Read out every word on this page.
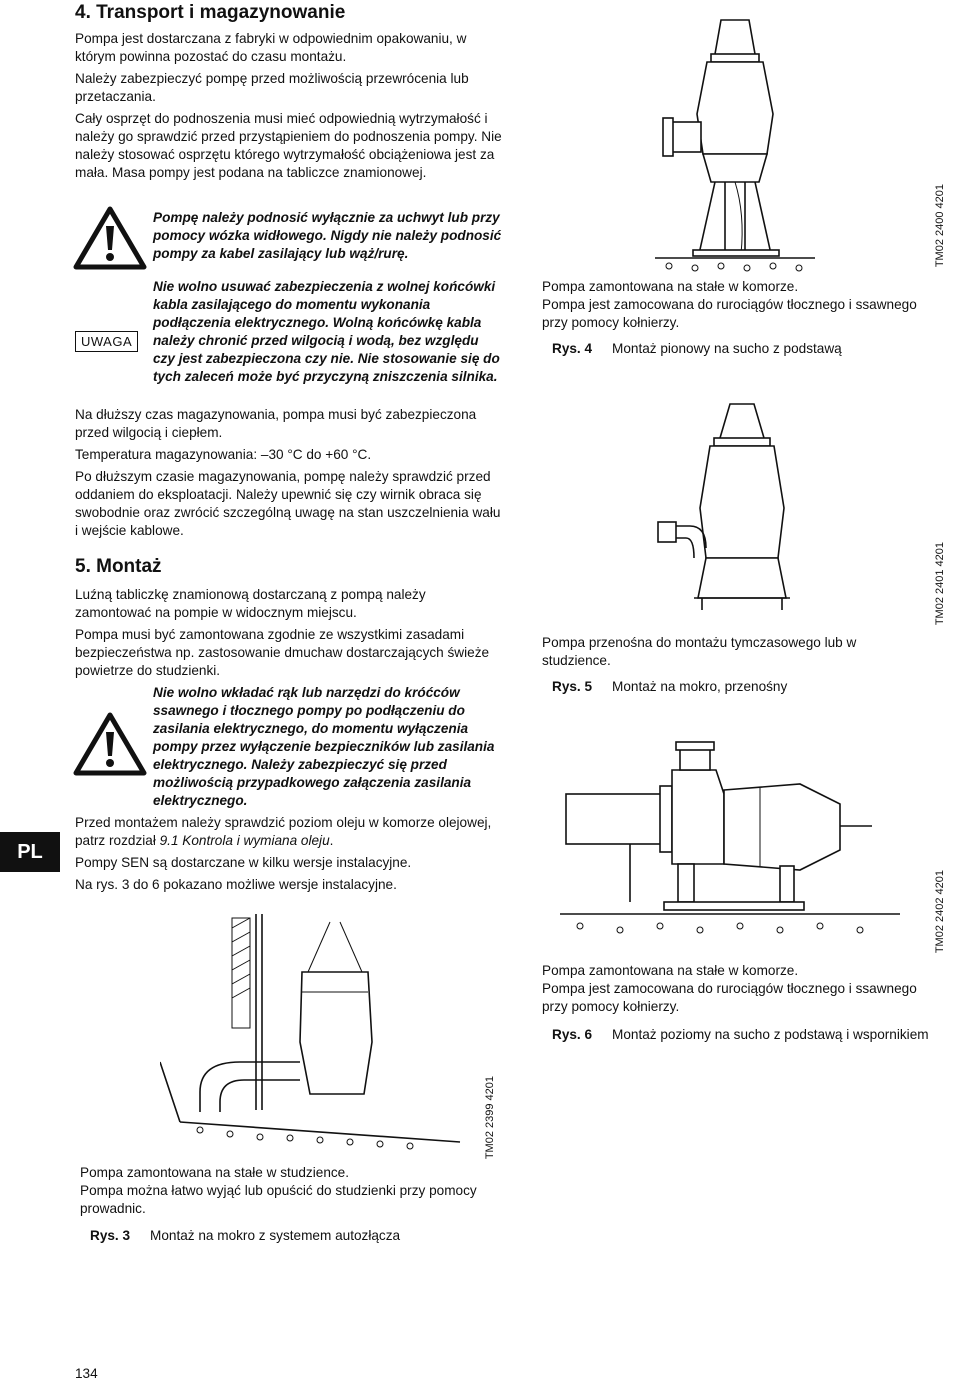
4. Transport i magazynowanie

Pompa jest dostarczana z fabryki w odpowiednim opakowaniu, w którym powinna pozostać do czasu montażu.

Należy zabezpieczyć pompę przed możliwością przewrócenia lub przetaczania.

Cały osprzęt do podnoszenia musi mieć odpowiednią wytrzymałość i należy go sprawdzić przed przystąpieniem do podnoszenia pompy. Nie należy stosować osprzętu którego wytrzymałość obciążeniowa jest za mała. Masa pompy jest podana na tabliczce znamionowej.

Pompę należy podnosić wyłącznie za uchwyt lub przy pomocy wózka widłowego. Nigdy nie należy podnosić pompy za kabel zasilający lub wąż/rurę.

UWAGA

Nie wolno usuwać zabezpieczenia z wolnej końcówki kabla zasilającego do momentu wykonania podłączenia elektrycznego. Wolną końcówkę kabla należy chronić przed wilgocią i wodą, bez względu czy jest zabezpieczona czy nie. Nie stosowanie się do tych zaleceń może być przyczyną zniszczenia silnika.

Na dłuższy czas magazynowania, pompa musi być zabezpieczona przed wilgocią i ciepłem.

Temperatura magazynowania: –30 °C do +60 °C.

Po dłuższym czasie magazynowania, pompę należy sprawdzić przed oddaniem do eksploatacji. Należy upewnić się czy wirnik obraca się swobodnie oraz zwrócić szczególną uwagę na stan uszczelnienia wału i wejście kablowe.

5. Montaż

Luźną tabliczkę znamionową dostarczaną z pompą należy zamontować na pompie w widocznym miejscu.

Pompa musi być zamontowana zgodnie ze wszystkimi zasadami bezpieczeństwa np. zastosowanie dmuchaw dostarczających świeże powietrze do studzienki.

Nie wolno wkładać rąk lub narzędzi do króćców ssawnego i tłocznego pompy po podłączeniu do zasilania elektrycznego, do momentu wyłączenia pompy przez wyłączenie bezpieczników lub zasilania elektrycznego. Należy zabezpieczyć się przed możliwością przypadkowego załączenia zasilania elektrycznego.

Przed montażem należy sprawdzić poziom oleju w komorze olejowej, patrz rozdział 9.1 Kontrola i wymiana oleju.

Pompy SEN są dostarczane w kilku wersje instalacyjne.

Na rys. 3 do 6 pokazano możliwe wersje instalacyjne.

PL
TM02 2399 4201
Pompa zamontowana na stałe w studzience.
Pompa można łatwo wyjąć lub opuścić do studzienki przy pomocy prowadnic.
Rys. 3 Montaż na mokro z systemem autozłącza
TM02 2400 4201
Pompa zamontowana na stałe w komorze.
Pompa jest zamocowana do rurociągów tłocznego i ssawnego przy pomocy kołnierzy.
Rys. 4 Montaż pionowy na sucho z podstawą
TM02 2401 4201
Pompa przenośna do montażu tymczasowego lub w studzience.
Rys. 5 Montaż na mokro, przenośny
TM02 2402 4201
Pompa zamontowana na stałe w komorze.
Pompa jest zamocowana do rurociągów tłocznego i ssawnego przy pomocy kołnierzy.
Rys. 6 Montaż poziomy na sucho z podstawą i wspornikiem
134
